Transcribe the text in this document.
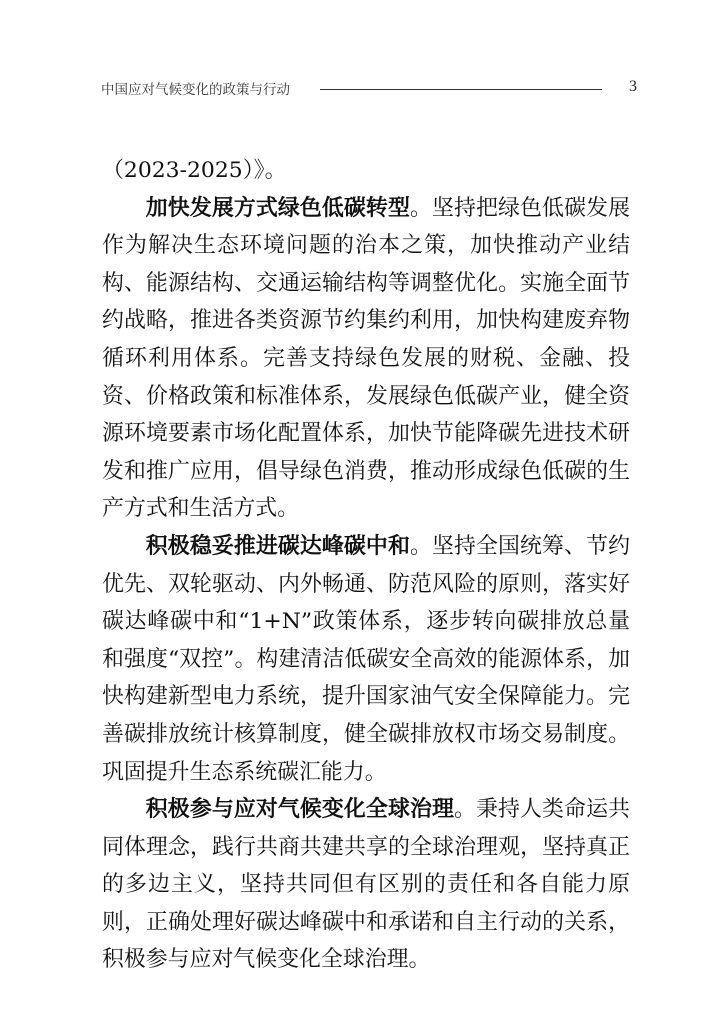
中国应对气候变化的政策与行动	3

（2023-2025）》。

加快发展方式绿色低碳转型。坚持把绿色低碳发展作为解决生态环境问题的治本之策，加快推动产业结构、能源结构、交通运输结构等调整优化。实施全面节约战略，推进各类资源节约集约利用，加快构建废弃物循环利用体系。完善支持绿色发展的财税、金融、投资、价格政策和标准体系，发展绿色低碳产业，健全资源环境要素市场化配置体系，加快节能降碳先进技术研发和推广应用，倡导绿色消费，推动形成绿色低碳的生产方式和生活方式。

积极稳妥推进碳达峰碳中和。坚持全国统筹、节约优先、双轮驱动、内外畅通、防范风险的原则，落实好碳达峰碳中和“1+N”政策体系，逐步转向碳排放总量和强度“双控”。构建清洁低碳安全高效的能源体系，加快构建新型电力系统，提升国家油气安全保障能力。完善碳排放统计核算制度，健全碳排放权市场交易制度。巩固提升生态系统碳汇能力。

积极参与应对气候变化全球治理。秉持人类命运共同体理念，践行共商共建共享的全球治理观，坚持真正的多边主义，坚持共同但有区别的责任和各自能力原则，正确处理好碳达峰碳中和承诺和自主行动的关系，积极参与应对气候变化全球治理。
